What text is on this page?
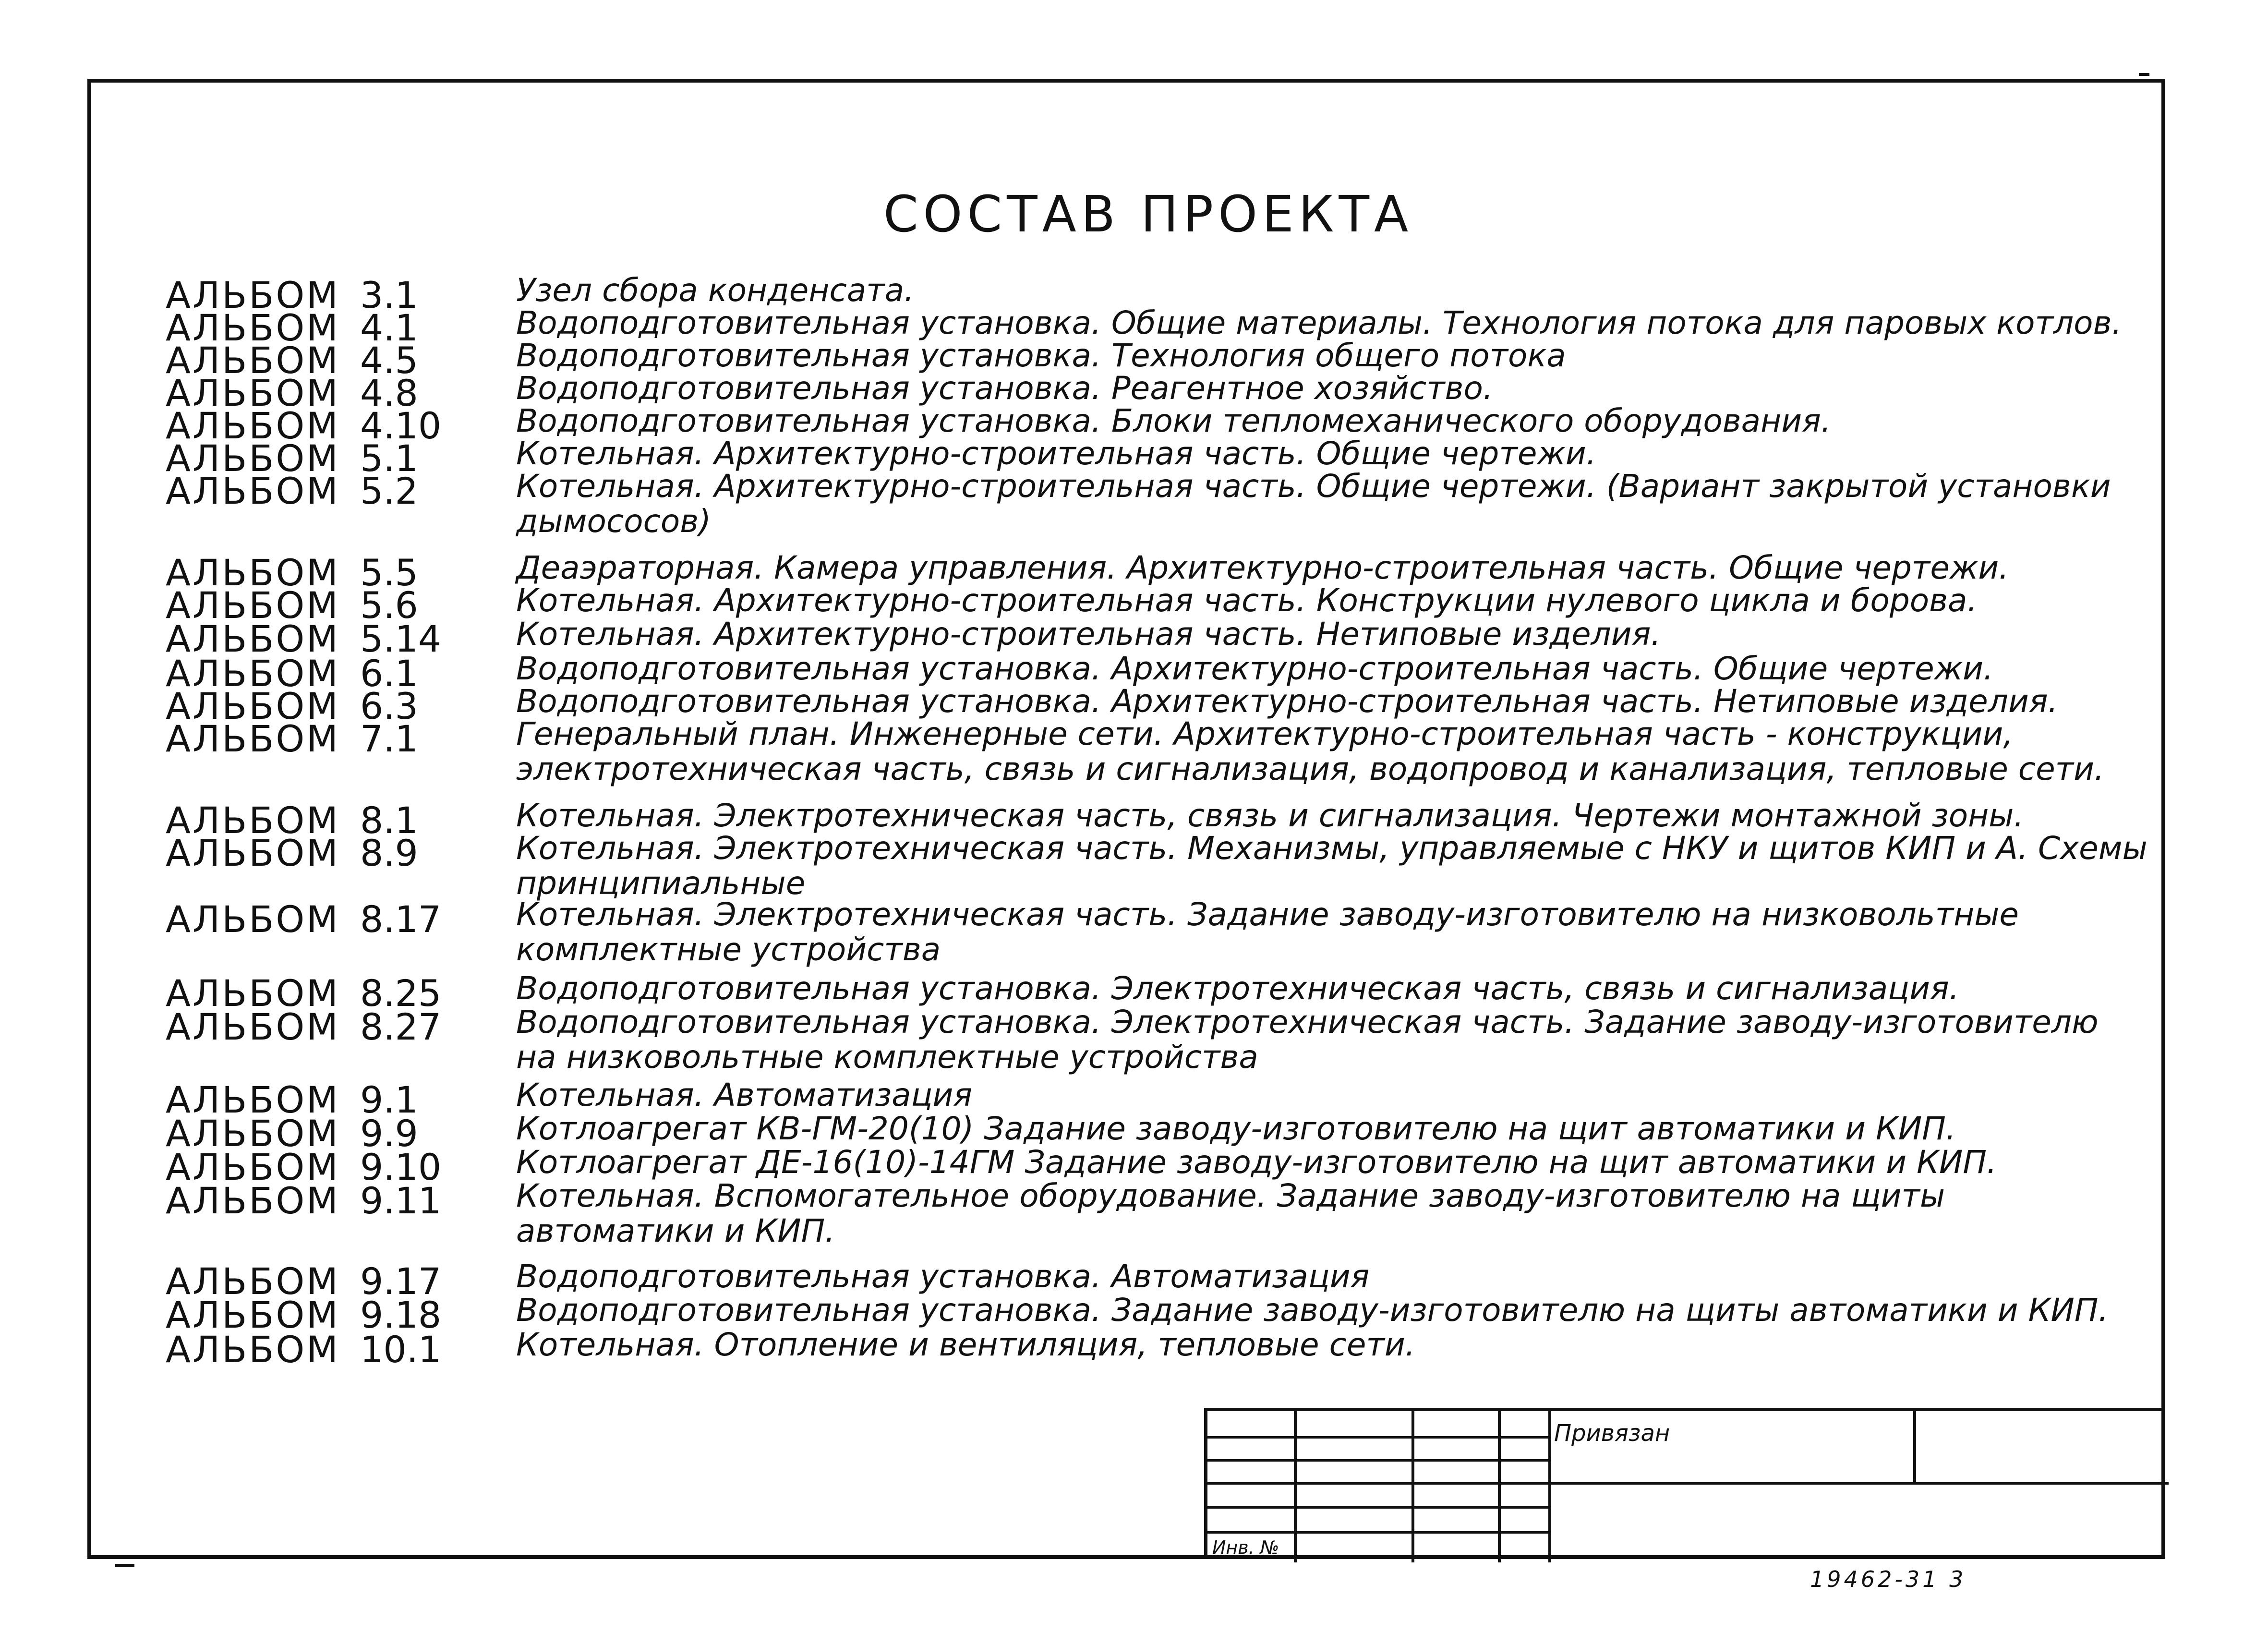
СОСТАВ ПРОЕКТА
АЛЬБОМ 3.1	Узел сбора конденсата.
АЛЬБОМ 4.1	Водоподготовительная установка. Общие материалы. Технология потока для паровых котлов.
АЛЬБОМ 4.5	Водоподготовительная установка. Технология общего потока
АЛЬБОМ 4.8	Водоподготовительная установка. Реагентное хозяйство.
АЛЬБОМ 4.10 Водоподготовительная установка. Блоки тепломеханического оборудования.
АЛЬБОМ 5.1	Котельная. Архитектурно-строительная часть. Общие чертежи.
АЛЬБОМ 5.2	Котельная. Архитектурно-строительная часть. Общие чертежи. (Вариант закрытой установки дымососов)
АЛЬБОМ 5.5	Деаэраторная. Камера управления. Архитектурно-строительная часть. Общие чертежи.
АЛЬБОМ 5.6	Котельная. Архитектурно-строительная часть. Конструкции нулевого цикла и борова.
АЛЬБОМ 5.14 Котельная. Архитектурно-строительная часть. Нетиповые изделия.
АЛЬБОМ 6.1	Водоподготовительная установка. Архитектурно-строительная часть. Общие чертежи.
АЛЬБОМ 6.3	Водоподготовительная установка. Архитектурно-строительная часть. Нетиповые изделия.
АЛЬБОМ 7.1	Генеральный план. Инженерные сети. Архитектурно-строительная часть - конструкции, электротехническая часть, связь и сигнализация, водопровод и канализация, тепловые сети.
АЛЬБОМ 8.1	Котельная. Электротехническая часть, связь и сигнализация. Чертежи монтажной зоны.
АЛЬБОМ 8.9	Котельная. Электротехническая часть. Механизмы, управляемые с НКУ и щитов КИП и А. Схемы принципиальные
АЛЬБОМ 8.17 Котельная. Электротехническая часть. Задание заводу-изготовителю на низковольтные комплектные устройства
АЛЬБОМ 8.25 Водоподготовительная установка. Электротехническая часть, связь и сигнализация.
АЛЬБОМ 8.27 Водоподготовительная установка. Электротехническая часть. Задание заводу-изготовителю на низковольтные комплектные устройства
АЛЬБОМ 9.1	Котельная. Автоматизация
АЛЬБОМ 9.9	Котлоагрегат КВ-ГМ-20(10) Задание заводу-изготовителю на щит автоматики и КИП.
АЛЬБОМ 9.10 Котлоагрегат ДЕ-16(10)-14ГМ Задание заводу-изготовителю на щит автоматики и КИП.
АЛЬБОМ 9.11 Котельная. Вспомогательное оборудование. Задание заводу-изготовителю на щиты автоматики и КИП.
АЛЬБОМ 9.17 Водоподготовительная установка. Автоматизация
АЛЬБОМ 9.18 Водоподготовительная установка. Задание заводу-изготовителю на щиты автоматики и КИП.
АЛЬБОМ 10.1 Котельная. Отопление и вентиляция, тепловые сети.
Привязан
Инв. №
19462-31 3
